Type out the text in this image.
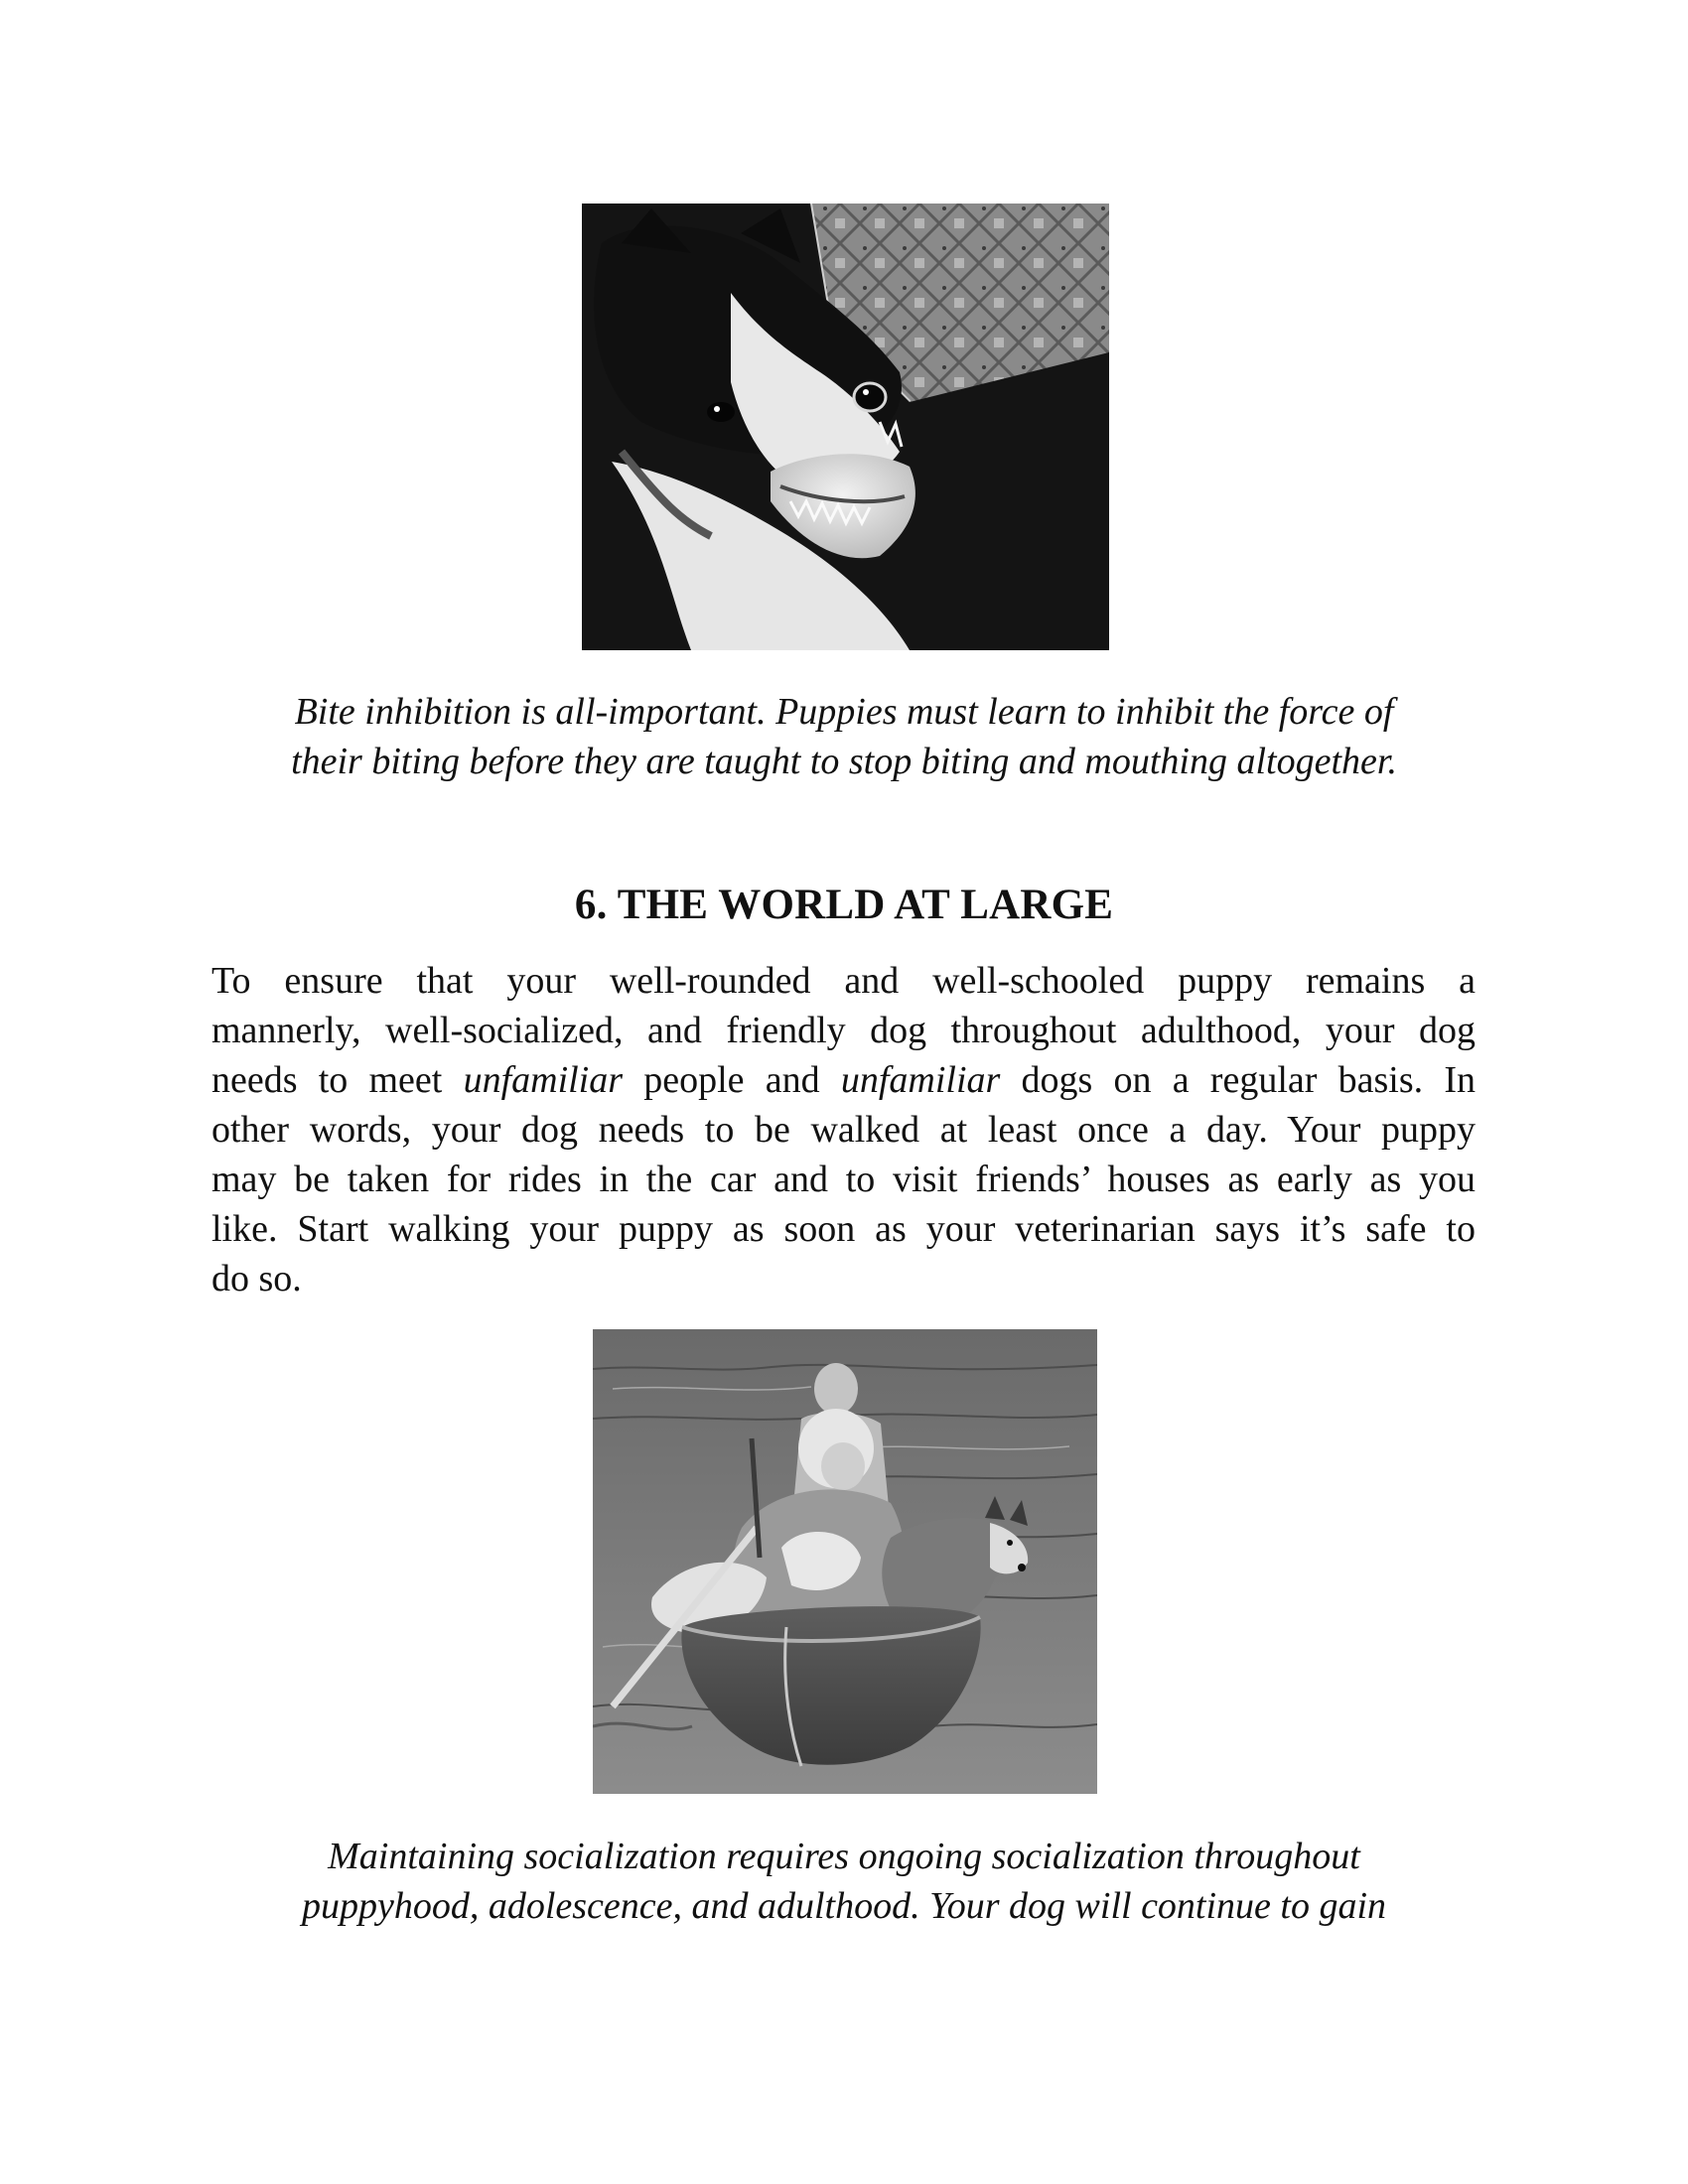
Bite inhibition is all-important. Puppies must learn to inhibit the force of
their biting before they are taught to stop biting and mouthing altogether.

6. THE WORLD AT LARGE
To ensure that your well-rounded and well-schooled puppy remains a
mannerly, well-socialized, and friendly dog throughout adulthood, your dog
needs to meet unfamiliar people and unfamiliar dogs on a regular basis. In
other words, your dog needs to be walked at least once a day. Your puppy
may be taken for rides in the car and to visit friends’ houses as early as you
like. Start walking your puppy as soon as your veterinarian says it’s safe to
do so.

Maintaining socialization requires ongoing socialization throughout
puppyhood, adolescence, and adulthood. Your dog will continue to gain
